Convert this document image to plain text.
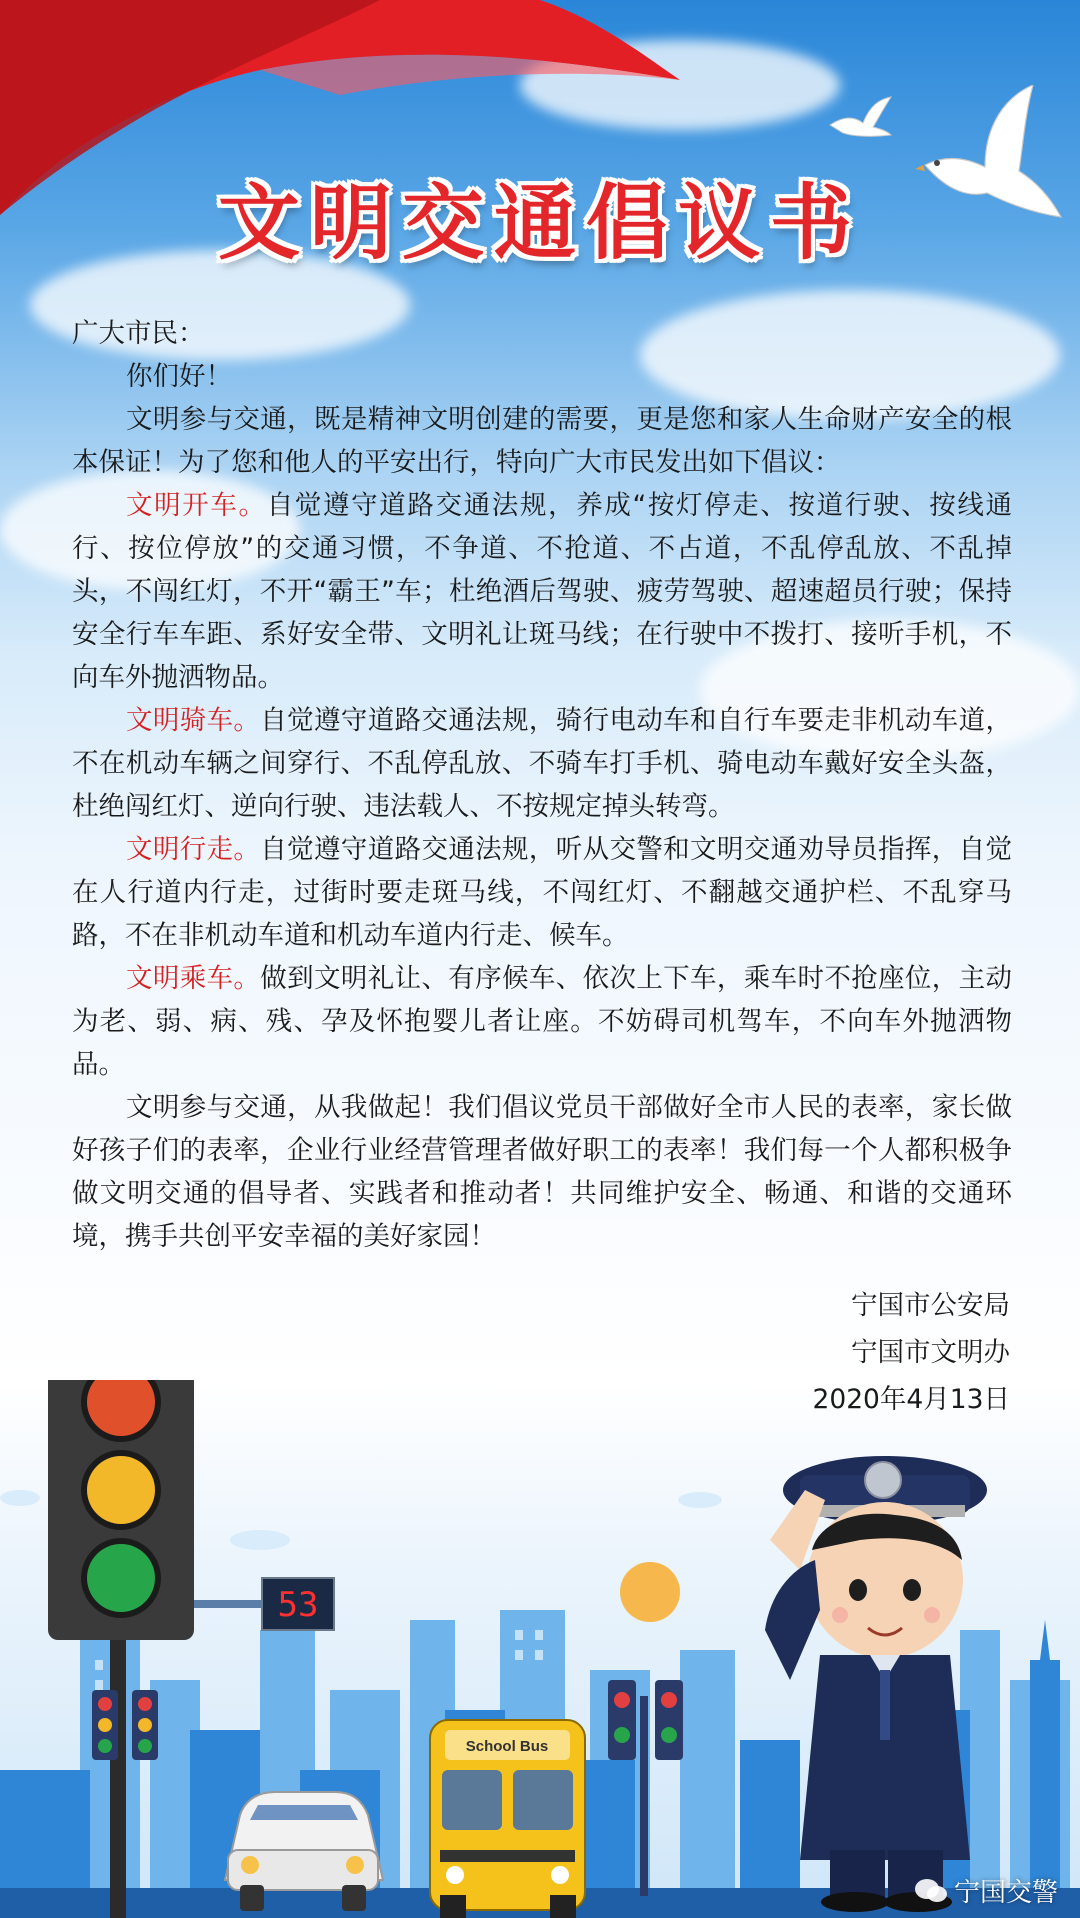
文明交通倡议书

广大市民：

你们好！

文明参与交通，既是精神文明创建的需要，更是您和家人生命财产安全的根本保证！为了您和他人的平安出行，特向广大市民发出如下倡议：

文明开车。自觉遵守道路交通法规，养成“按灯停走、按道行驶、按线通行、按位停放”的交通习惯，不争道、不抢道、不占道，不乱停乱放、不乱掉头，不闯红灯，不开“霸王”车；杜绝酒后驾驶、疲劳驾驶、超速超员行驶；保持安全行车车距、系好安全带、文明礼让斑马线；在行驶中不拨打、接听手机，不向车外抛洒物品。

文明骑车。自觉遵守道路交通法规，骑行电动车和自行车要走非机动车道，不在机动车辆之间穿行、不乱停乱放、不骑车打手机、骑电动车戴好安全头盔，杜绝闯红灯、逆向行驶、违法载人、不按规定掉头转弯。

文明行走。自觉遵守道路交通法规，听从交警和文明交通劝导员指挥，自觉在人行道内行走，过街时要走斑马线，不闯红灯、不翻越交通护栏、不乱穿马路，不在非机动车道和机动车道内行走、候车。

文明乘车。做到文明礼让、有序候车、依次上下车，乘车时不抢座位，主动为老、弱、病、残、孕及怀抱婴儿者让座。不妨碍司机驾车，不向车外抛洒物品。

文明参与交通，从我做起！我们倡议党员干部做好全市人民的表率，家长做好孩子们的表率，企业行业经营管理者做好职工的表率！我们每一个人都积极争做文明交通的倡导者、实践者和推动者！共同维护安全、畅通、和谐的交通环境，携手共创平安幸福的美好家园！

宁国市公安局
宁国市文明办
2020年4月13日
53
School Bus
宁国交警
